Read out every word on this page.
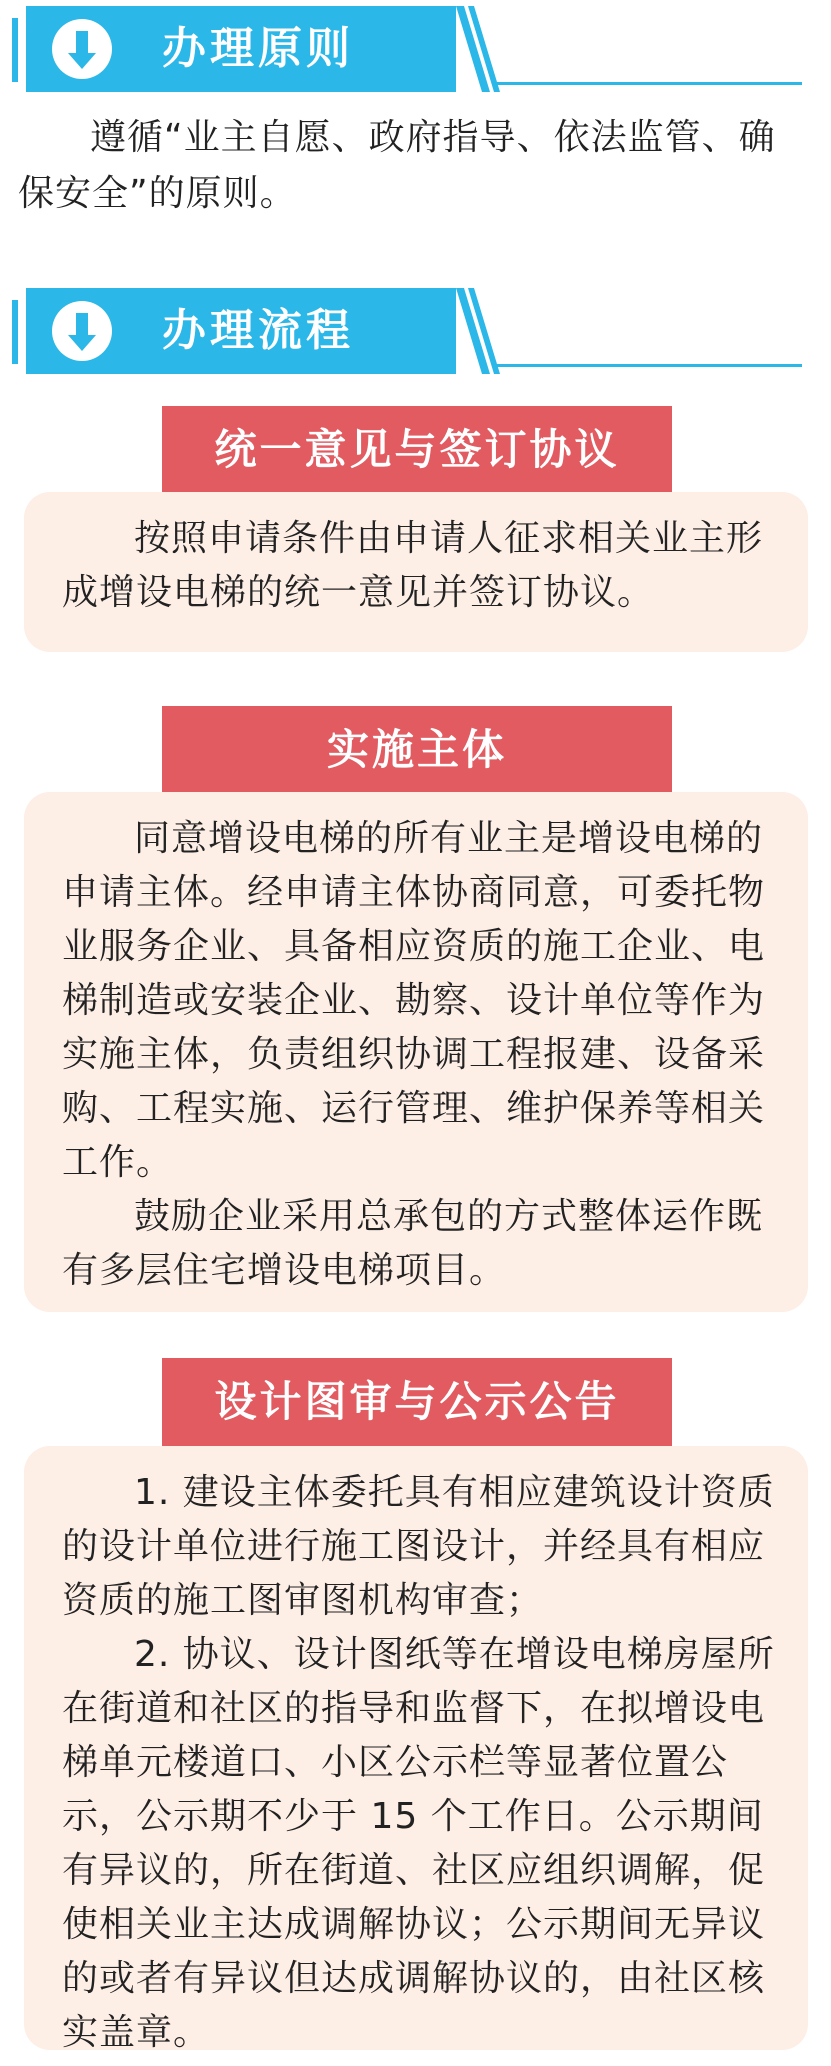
办理原则
遵循“业主自愿、政府指导、依法监管、确保安全”的原则。
办理流程
统一意见与签订协议

按照申请条件由申请人征求相关业主形成增设电梯的统一意见并签订协议。

实施主体

同意增设电梯的所有业主是增设电梯的申请主体。经申请主体协商同意，可委托物业服务企业、具备相应资质的施工企业、电梯制造或安装企业、勘察、设计单位等作为实施主体，负责组织协调工程报建、设备采购、工程实施、运行管理、维护保养等相关工作。

鼓励企业采用总承包的方式整体运作既有多层住宅增设电梯项目。

设计图审与公示公告

1. 建设主体委托具有相应建筑设计资质的设计单位进行施工图设计，并经具有相应资质的施工图审图机构审查；

2. 协议、设计图纸等在增设电梯房屋所在街道和社区的指导和监督下，在拟增设电梯单元楼道口、小区公示栏等显著位置公示，公示期不少于 15 个工作日。公示期间有异议的，所在街道、社区应组织调解，促使相关业主达成调解协议；公示期间无异议的或者有异议但达成调解协议的，由社区核实盖章。
